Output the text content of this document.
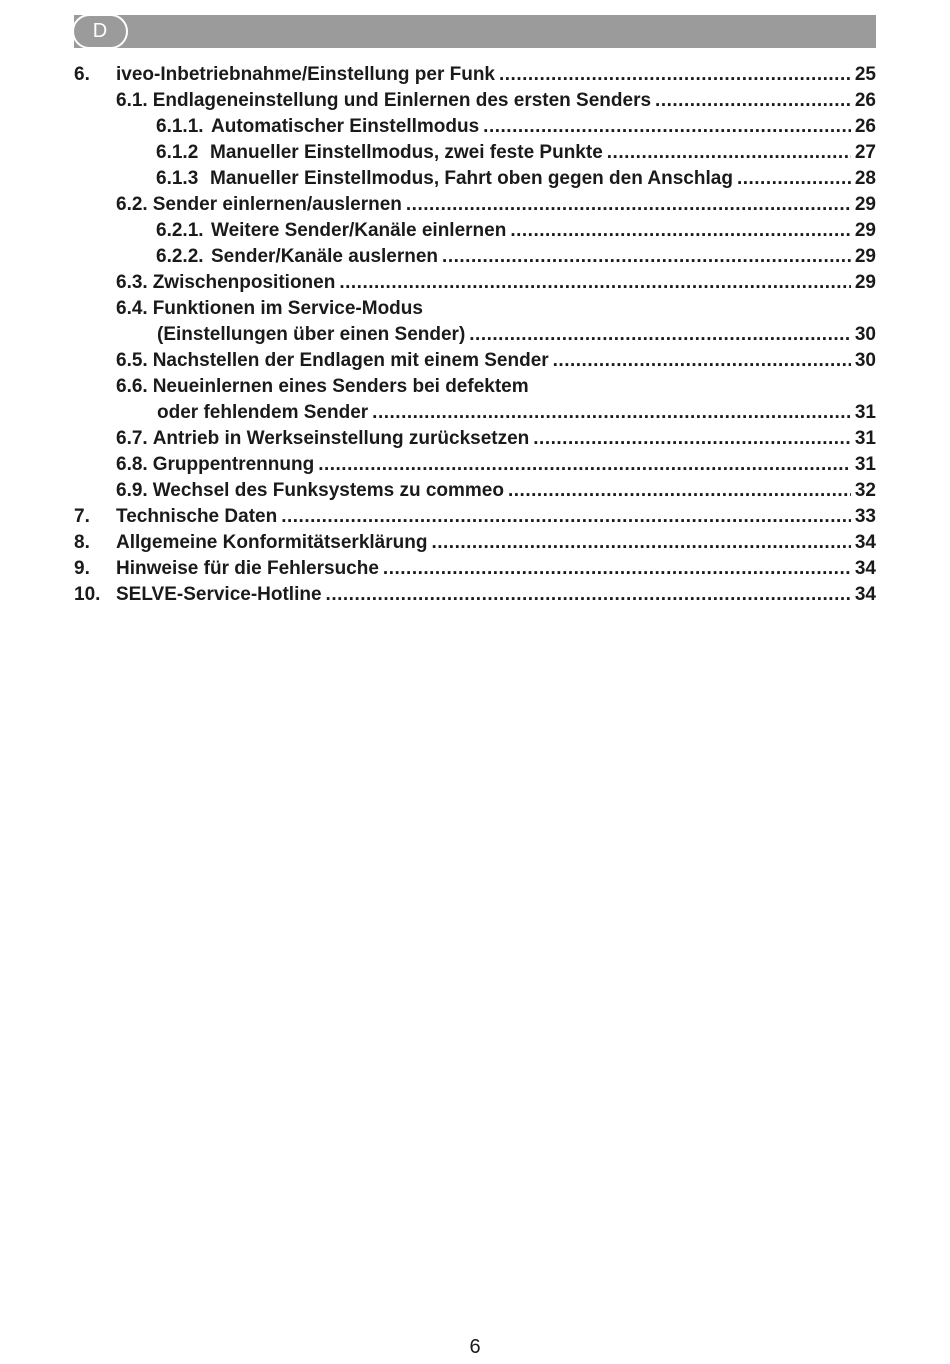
D
6. iveo-Inbetriebnahme/Einstellung per Funk .....	25
6.1. Endlageneinstellung und Einlernen des ersten Senders .....	26
6.1.1. Automatischer Einstellmodus .....	26
6.1.2 Manueller Einstellmodus, zwei feste Punkte .....	27
6.1.3 Manueller Einstellmodus, Fahrt oben gegen den Anschlag .....	28
6.2. Sender einlernen/auslernen .....	29
6.2.1. Weitere Sender/Kanäle einlernen .....	29
6.2.2. Sender/Kanäle auslernen .....	29
6.3. Zwischenpositionen .....	29
6.4. Funktionen im Service-Modus
(Einstellungen über einen Sender) .....	30
6.5. Nachstellen der Endlagen mit einem Sender .....	30
6.6. Neueinlernen eines Senders bei defektem
oder fehlendem Sender .....	31
6.7. Antrieb in Werkseinstellung zurücksetzen .....	31
6.8. Gruppentrennung .....	31
6.9. Wechsel des Funksystems zu commeo .....	32
7. Technische Daten .....	33
8. Allgemeine Konformitätserklärung .....	34
9. Hinweise für die Fehlersuche .....	34
10. SELVE-Service-Hotline .....	34
6
